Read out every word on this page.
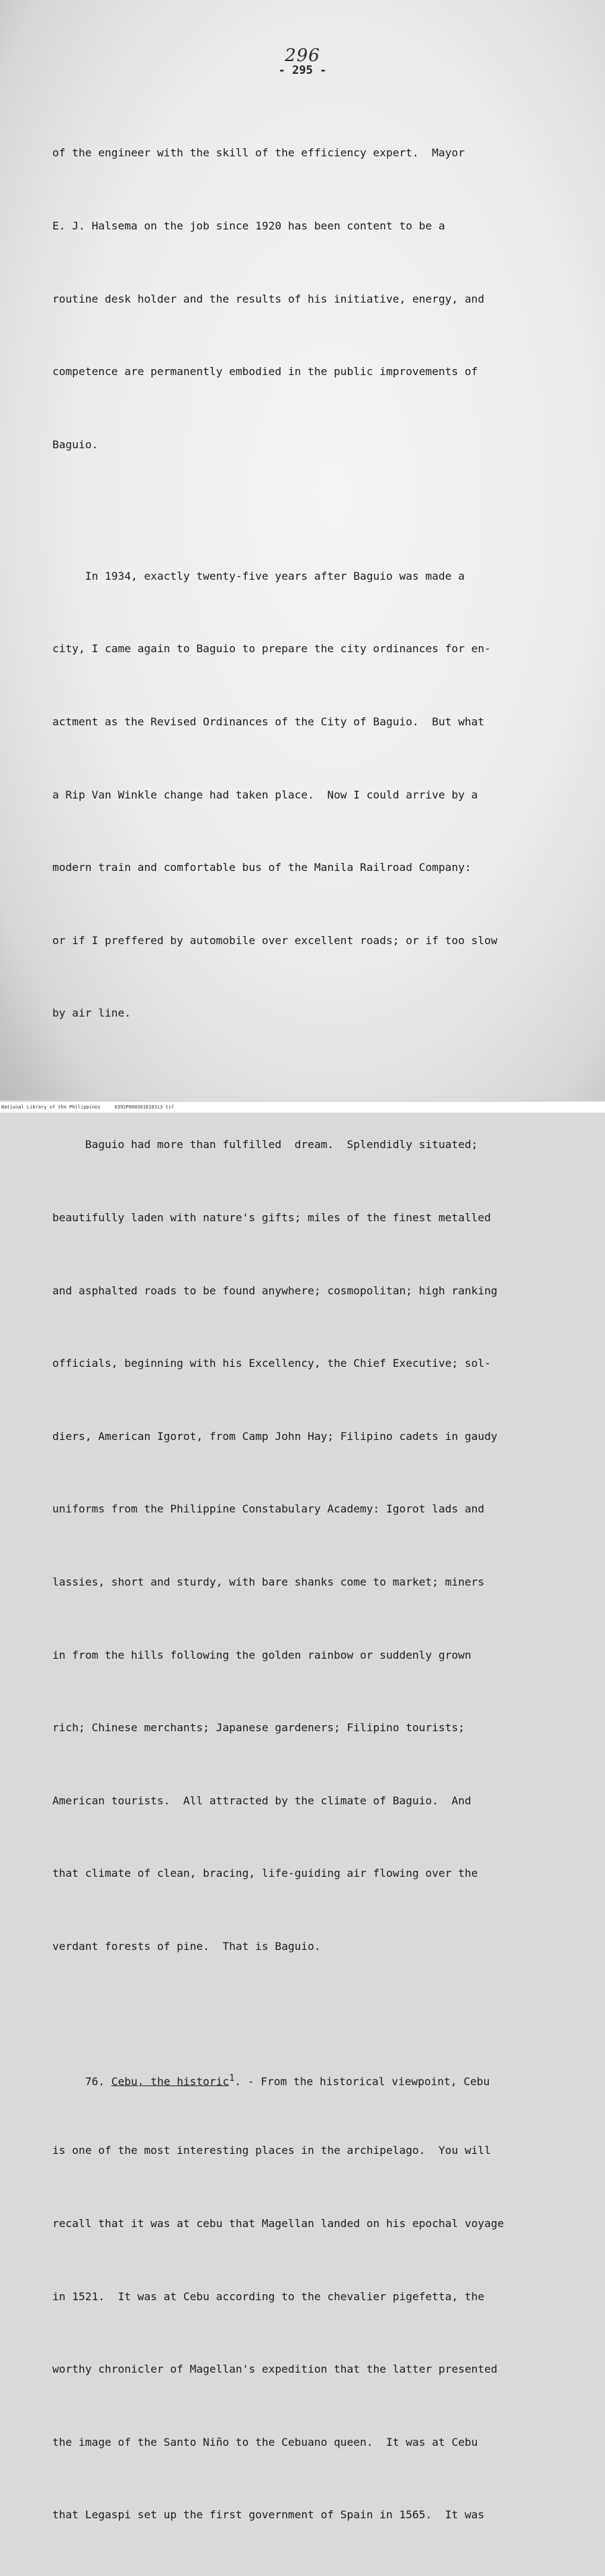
296
- 295 -

of the engineer with the skill of the efficiency expert.  Mayor

E. J. Halsema on the job since 1920 has been content to be a

routine desk holder and the results of his initiative, energy, and

competence are permanently embodied in the public improvements of

Baguio.

In 1934, exactly twenty-five years after Baguio was made a

city, I came again to Baguio to prepare the city ordinances for en-

actment as the Revised Ordinances of the City of Baguio.  But what

a Rip Van Winkle change had taken place.  Now I could arrive by a

modern train and comfortable bus of the Manila Railroad Company:

or if I preffered by automobile over excellent roads; or if too slow

by air line.

Baguio had more than fulfilled  dream.  Splendidly situated;

beautifully laden with nature's gifts; miles of the finest metalled

and asphalted roads to be found anywhere; cosmopolitan; high ranking

officials, beginning with his Excellency, the Chief Executive; sol-

diers, American Igorot, from Camp John Hay; Filipino cadets in gaudy

uniforms from the Philippine Constabulary Academy: Igorot lads and

lassies, short and sturdy, with bare shanks come to market; miners

in from the hills following the golden rainbow or suddenly grown

rich; Chinese merchants; Japanese gardeners; Filipino tourists;

American tourists.  All attracted by the climate of Baguio.  And

that climate of clean, bracing, life-guiding air flowing over the

verdant forests of pine.  That is Baguio.

76. Cebu, the historic$^1$. - From the historical viewpoint, Cebu

is one of the most interesting places in the archipelago.  You will

recall that it was at cebu that Magellan landed on his epochal voyage

in 1521.  It was at Cebu according to the chevalier pigefetta, the

worthy chronicler of Magellan's expedition that the latter presented

the image of the Santo Niño to the Cebuano queen.  It was at Cebu

that Legaspi set up the first government of Spain in 1565.  It was

National Library of the Philippines     0392P000301810313 tif
